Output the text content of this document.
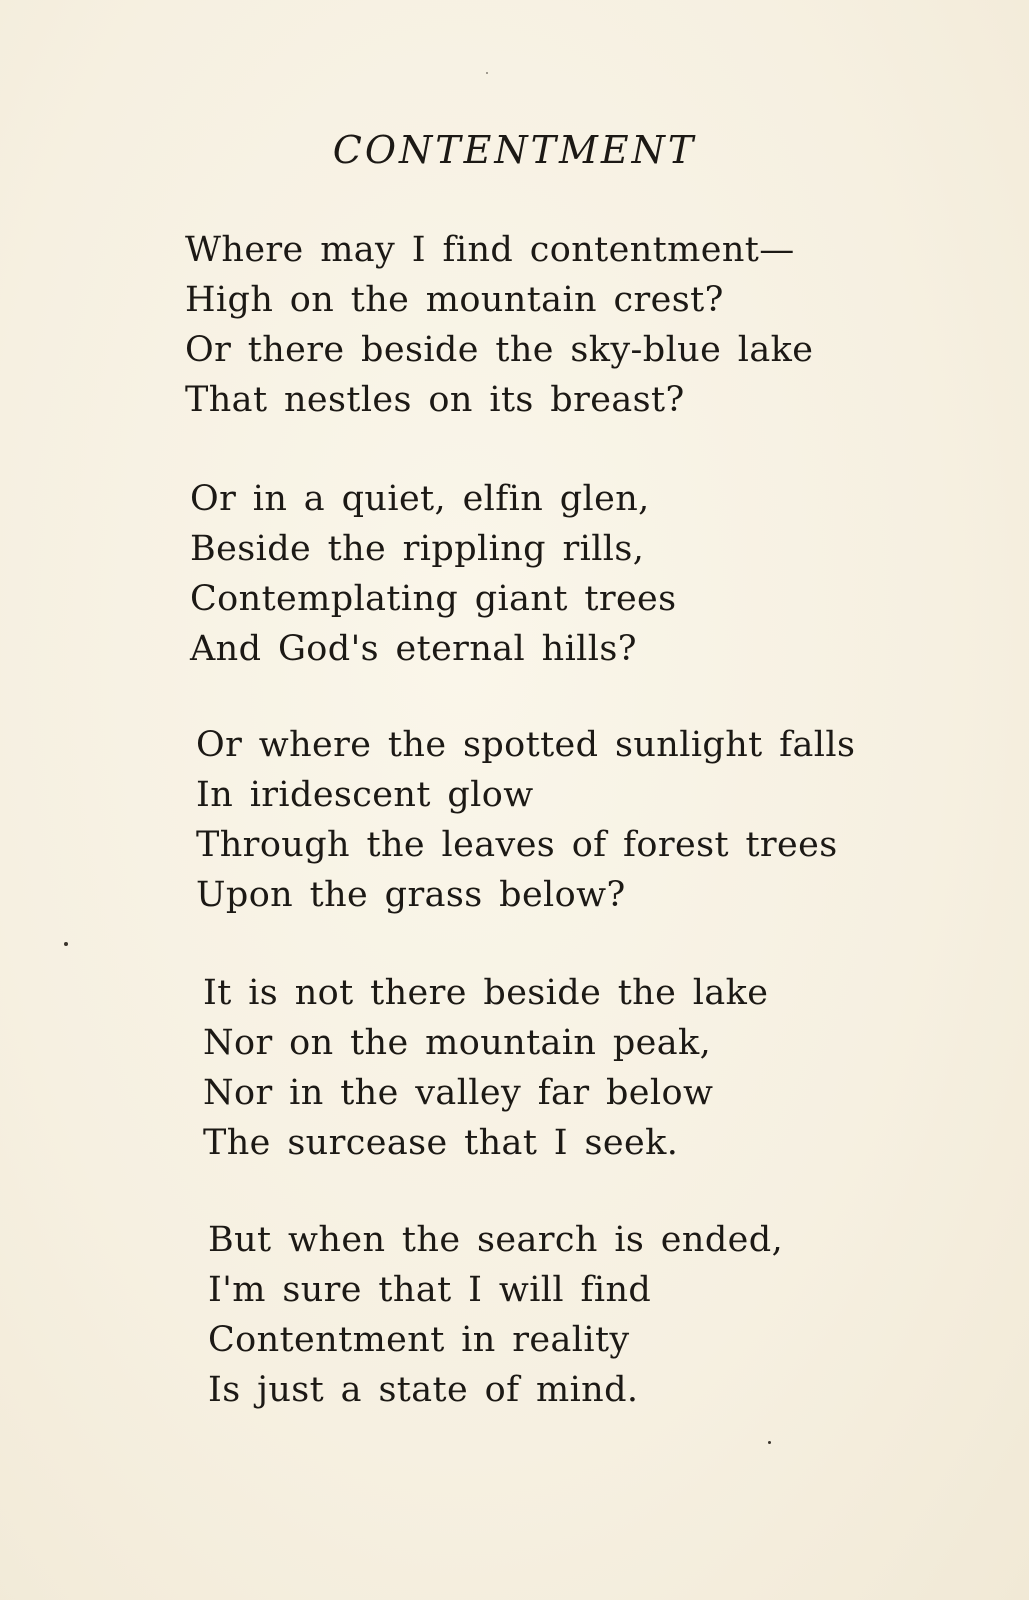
CONTENTMENT
Where may I find contentment—
High on the mountain crest?
Or there beside the sky-blue lake
That nestles on its breast?
Or in a quiet, elfin glen,
Beside the rippling rills,
Contemplating giant trees
And God's eternal hills?
Or where the spotted sunlight falls
In iridescent glow
Through the leaves of forest trees
Upon the grass below?
It is not there beside the lake
Nor on the mountain peak,
Nor in the valley far below
The surcease that I seek.
But when the search is ended,
I'm sure that I will find
Contentment in reality
Is just a state of mind.
